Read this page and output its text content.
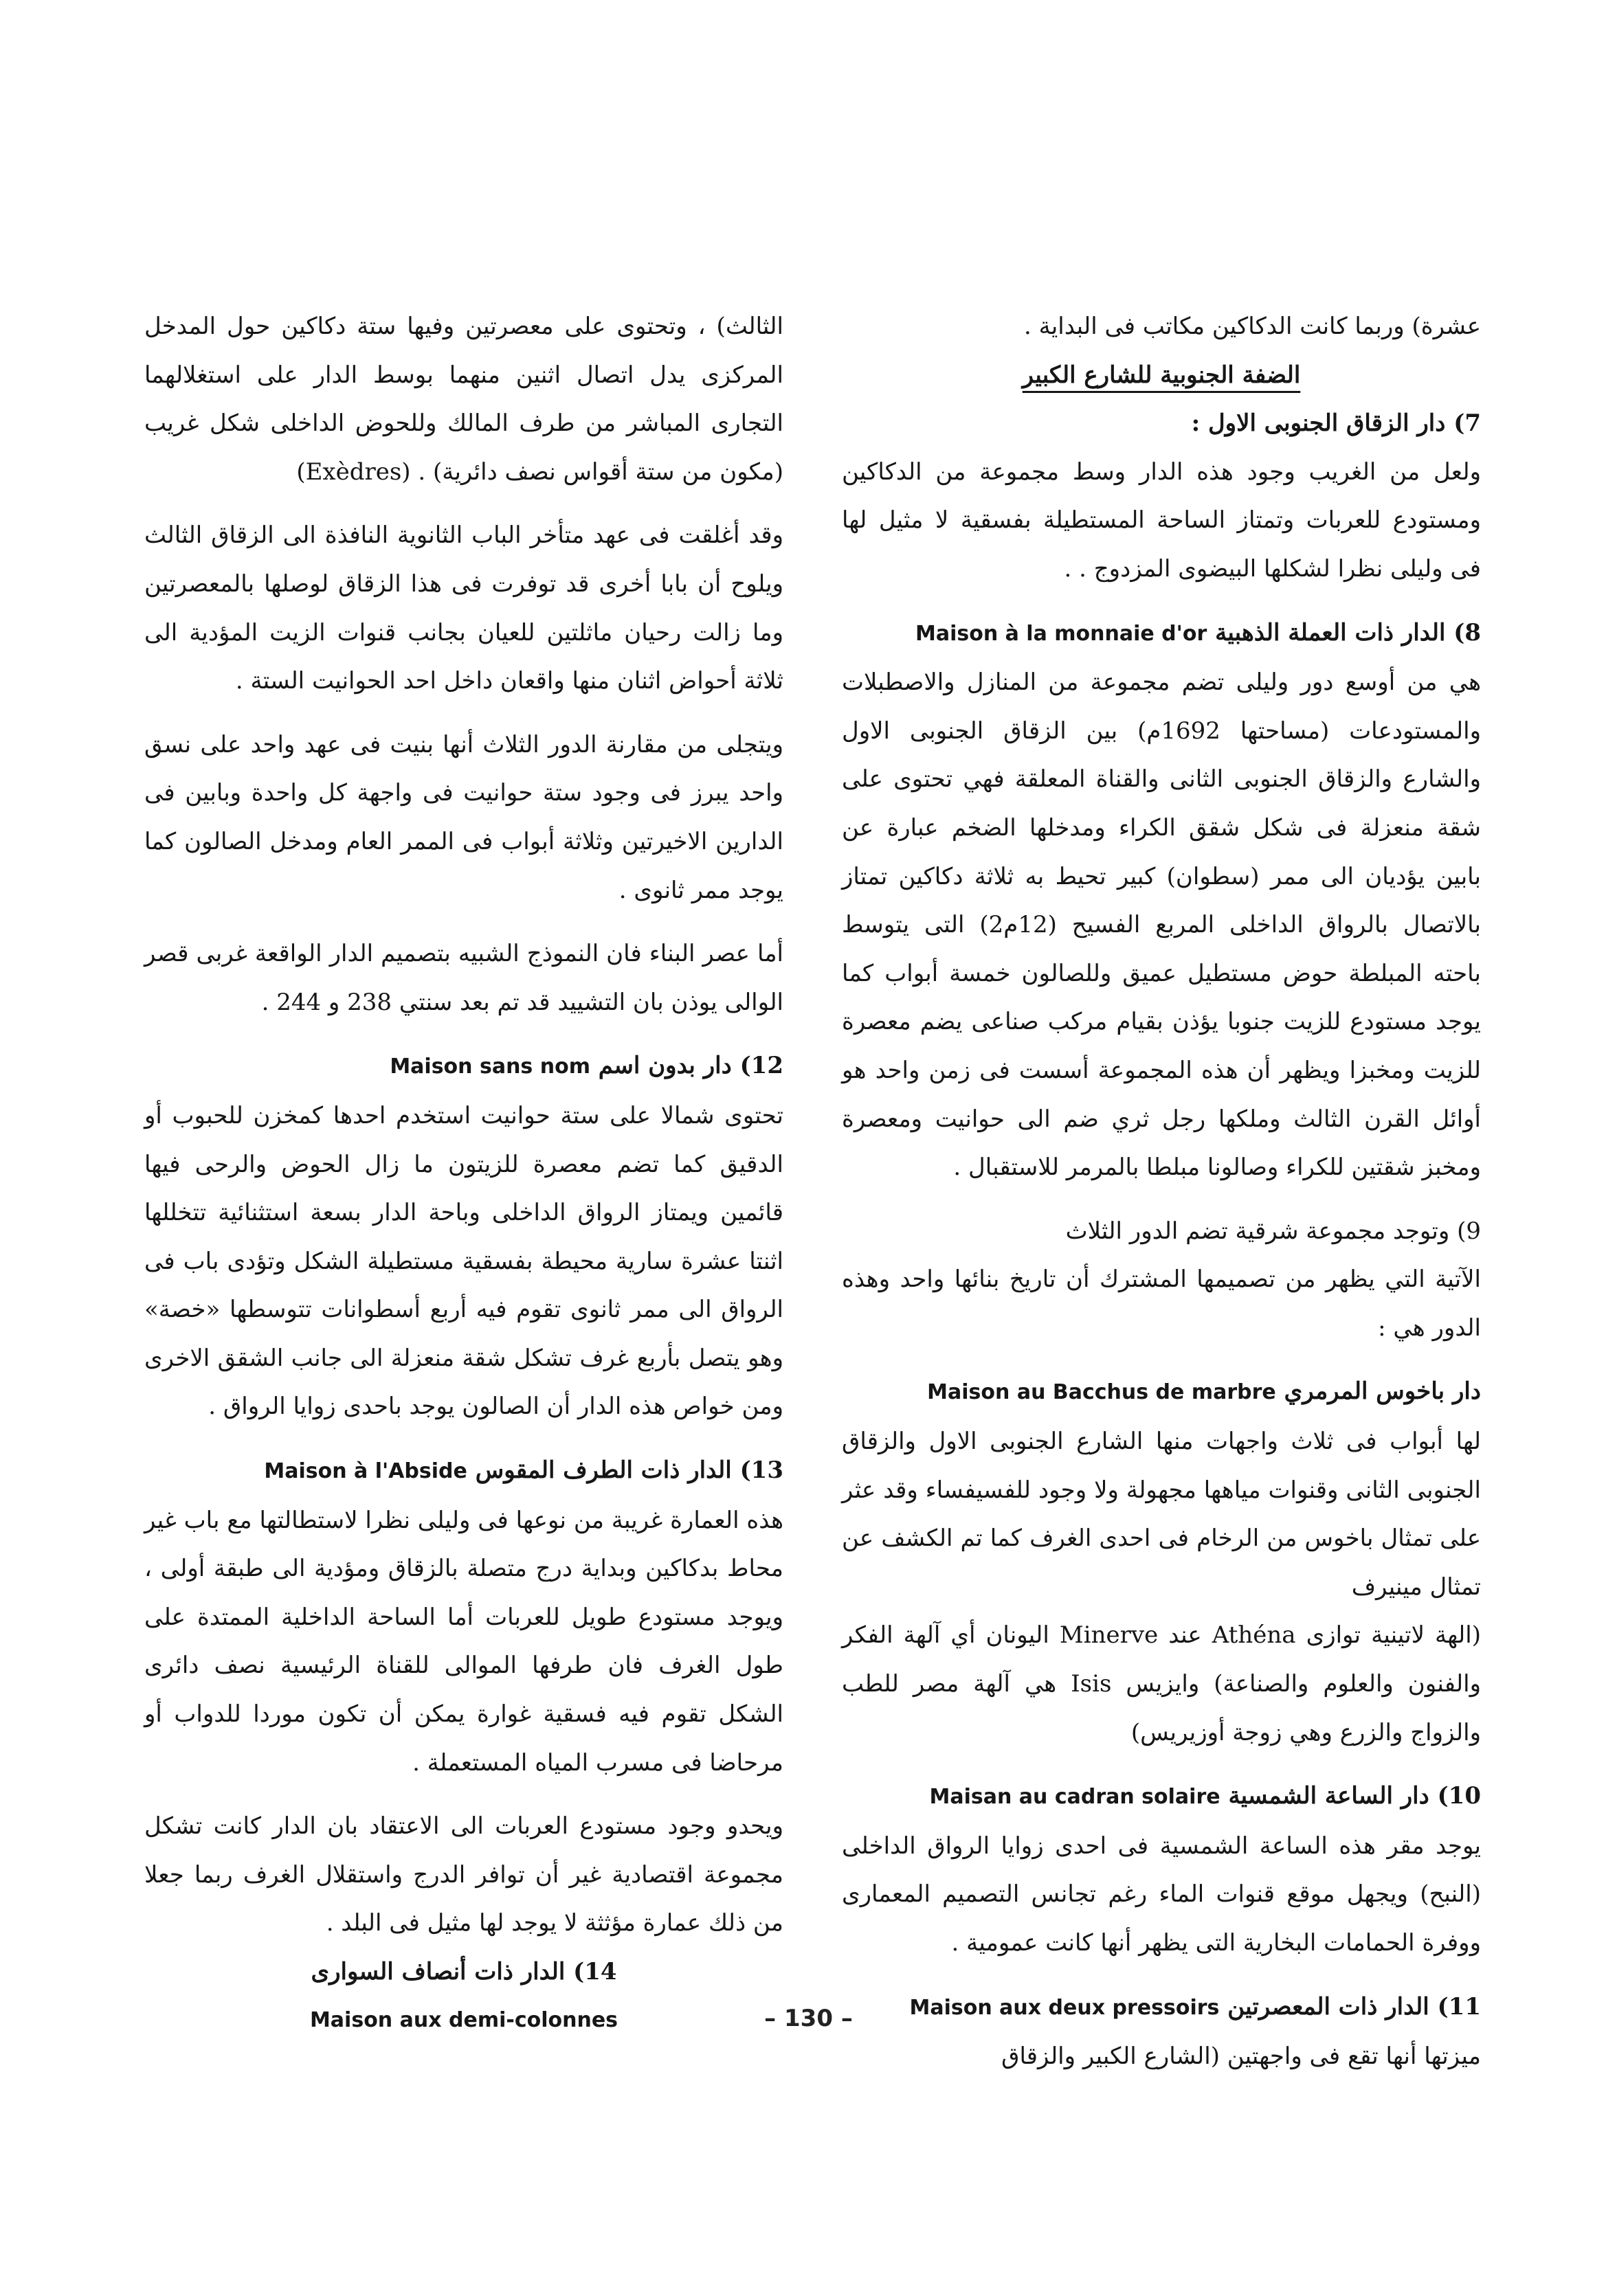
عشرة) وربما كانت الدكاكين مكاتب فى البداية .

الضفة الجنوبية للشارع الكبير

7) دار الزقاق الجنوبى الاول :
ولعل من الغريب وجود هذه الدار وسط مجموعة من الدكاكين ومستودع للعربات وتمتاز الساحة المستطيلة بفسقية لا مثيل لها فى وليلى نظرا لشكلها البيضوى المزدوج . .
8) الدار ذات العملة الذهبية Maison à la monnaie d'or
هي من أوسع دور وليلى تضم مجموعة من المنازل والاصطبلات والمستودعات (مساحتها 1692م) بين الزقاق الجنوبى الاول والشارع والزقاق الجنوبى الثانى والقناة المعلقة فهي تحتوى على شقة منعزلة فى شكل شقق الكراء ومدخلها الضخم عبارة عن بابين يؤديان الى ممر (سطوان) كبير تحيط به ثلاثة دكاكين تمتاز بالاتصال بالرواق الداخلى المربع الفسيح (12م2) التى يتوسط باحته المبلطة حوض مستطيل عميق وللصالون خمسة أبواب كما يوجد مستودع للزيت جنوبا يؤذن بقيام مركب صناعى يضم معصرة للزيت ومخبزا ويظهر أن هذه المجموعة أسست فى زمن واحد هو أوائل القرن الثالث وملكها رجل ثري ضم الى حوانيت ومعصرة ومخبز شقتين للكراء وصالونا مبلطا بالمرمر للاستقبال .
9) وتوجد مجموعة شرقية تضم الدور الثلاث
الآتية التي يظهر من تصميمها المشترك أن تاريخ بنائها واحد وهذه الدور هي :
دار باخوس المرمري Maison au Bacchus de marbre
لها أبواب فى ثلاث واجهات منها الشارع الجنوبى الاول والزقاق الجنوبى الثانى وقنوات مياهها مجهولة ولا وجود للفسيفساء وقد عثر على تمثال باخوس من الرخام فى احدى الغرف كما تم الكشف عن تمثال مينيرف
(الهة لاتينية توازى Athéna عند Minerve اليونان أي آلهة الفكر والفنون والعلوم والصناعة) وايزيس Isis هي آلهة مصر للطب والزواج والزرع وهي زوجة أوزيريس)
10) دار الساعة الشمسية Maisan au cadran solaire
يوجد مقر هذه الساعة الشمسية فى احدى زوايا الرواق الداخلى (النبح) ويجهل موقع قنوات الماء رغم تجانس التصميم المعمارى ووفرة الحمامات البخارية التى يظهر أنها كانت عمومية .
11) الدار ذات المعصرتين Maison aux deux pressoirs
ميزتها أنها تقع فى واجهتين (الشارع الكبير والزقاق
الثالث) ، وتحتوى على معصرتين وفيها ستة دكاكين حول المدخل المركزى يدل اتصال اثنين منهما بوسط الدار على استغلالهما التجارى المباشر من طرف المالك وللحوض الداخلى شكل غريب (مكون من ستة أقواس نصف دائرية) . (Exèdres)
وقد أغلقت فى عهد متأخر الباب الثانوية النافذة الى الزقاق الثالث ويلوح أن بابا أخرى قد توفرت فى هذا الزقاق لوصلها بالمعصرتين وما زالت رحيان ماثلتين للعيان بجانب قنوات الزيت المؤدية الى ثلاثة أحواض اثنان منها واقعان داخل احد الحوانيت الستة .
ويتجلى من مقارنة الدور الثلاث أنها بنيت فى عهد واحد على نسق واحد يبرز فى وجود ستة حوانيت فى واجهة كل واحدة وبابين فى الدارين الاخيرتين وثلاثة أبواب فى الممر العام ومدخل الصالون كما يوجد ممر ثانوى .
أما عصر البناء فان النموذج الشبيه بتصميم الدار الواقعة غربى قصر الوالى يوذن بان التشييد قد تم بعد سنتي 238 و 244 .
12) دار بدون اسم Maison sans nom
تحتوى شمالا على ستة حوانيت استخدم احدها كمخزن للحبوب أو الدقيق كما تضم معصرة للزيتون ما زال الحوض والرحى فيها قائمين ويمتاز الرواق الداخلى وباحة الدار بسعة استثنائية تتخللها اثنتا عشرة سارية محيطة بفسقية مستطيلة الشكل وتؤدى باب فى الرواق الى ممر ثانوى تقوم فيه أربع أسطوانات تتوسطها «خصة» وهو يتصل بأربع غرف تشكل شقة منعزلة الى جانب الشقق الاخرى ومن خواص هذه الدار أن الصالون يوجد باحدى زوايا الرواق .
13) الدار ذات الطرف المقوس Maison à l'Abside
هذه العمارة غريبة من نوعها فى وليلى نظرا لاستطالتها مع باب غير محاط بدكاكين وبداية درج متصلة بالزقاق ومؤدية الى طبقة أولى ، ويوجد مستودع طويل للعربات أما الساحة الداخلية الممتدة على طول الغرف فان طرفها الموالى للقناة الرئيسية نصف دائرى الشكل تقوم فيه فسقية غوارة يمكن أن تكون موردا للدواب أو مرحاضا فى مسرب المياه المستعملة .
ويحدو وجود مستودع العربات الى الاعتقاد بان الدار كانت تشكل مجموعة اقتصادية غير أن توافر الدرج واستقلال الغرف ربما جعلا من ذلك عمارة مؤثثة لا يوجد لها مثيل فى البلد .
14) الدار ذات أنصاف السوارى
Maison aux demi-colonnes	– 130 –
